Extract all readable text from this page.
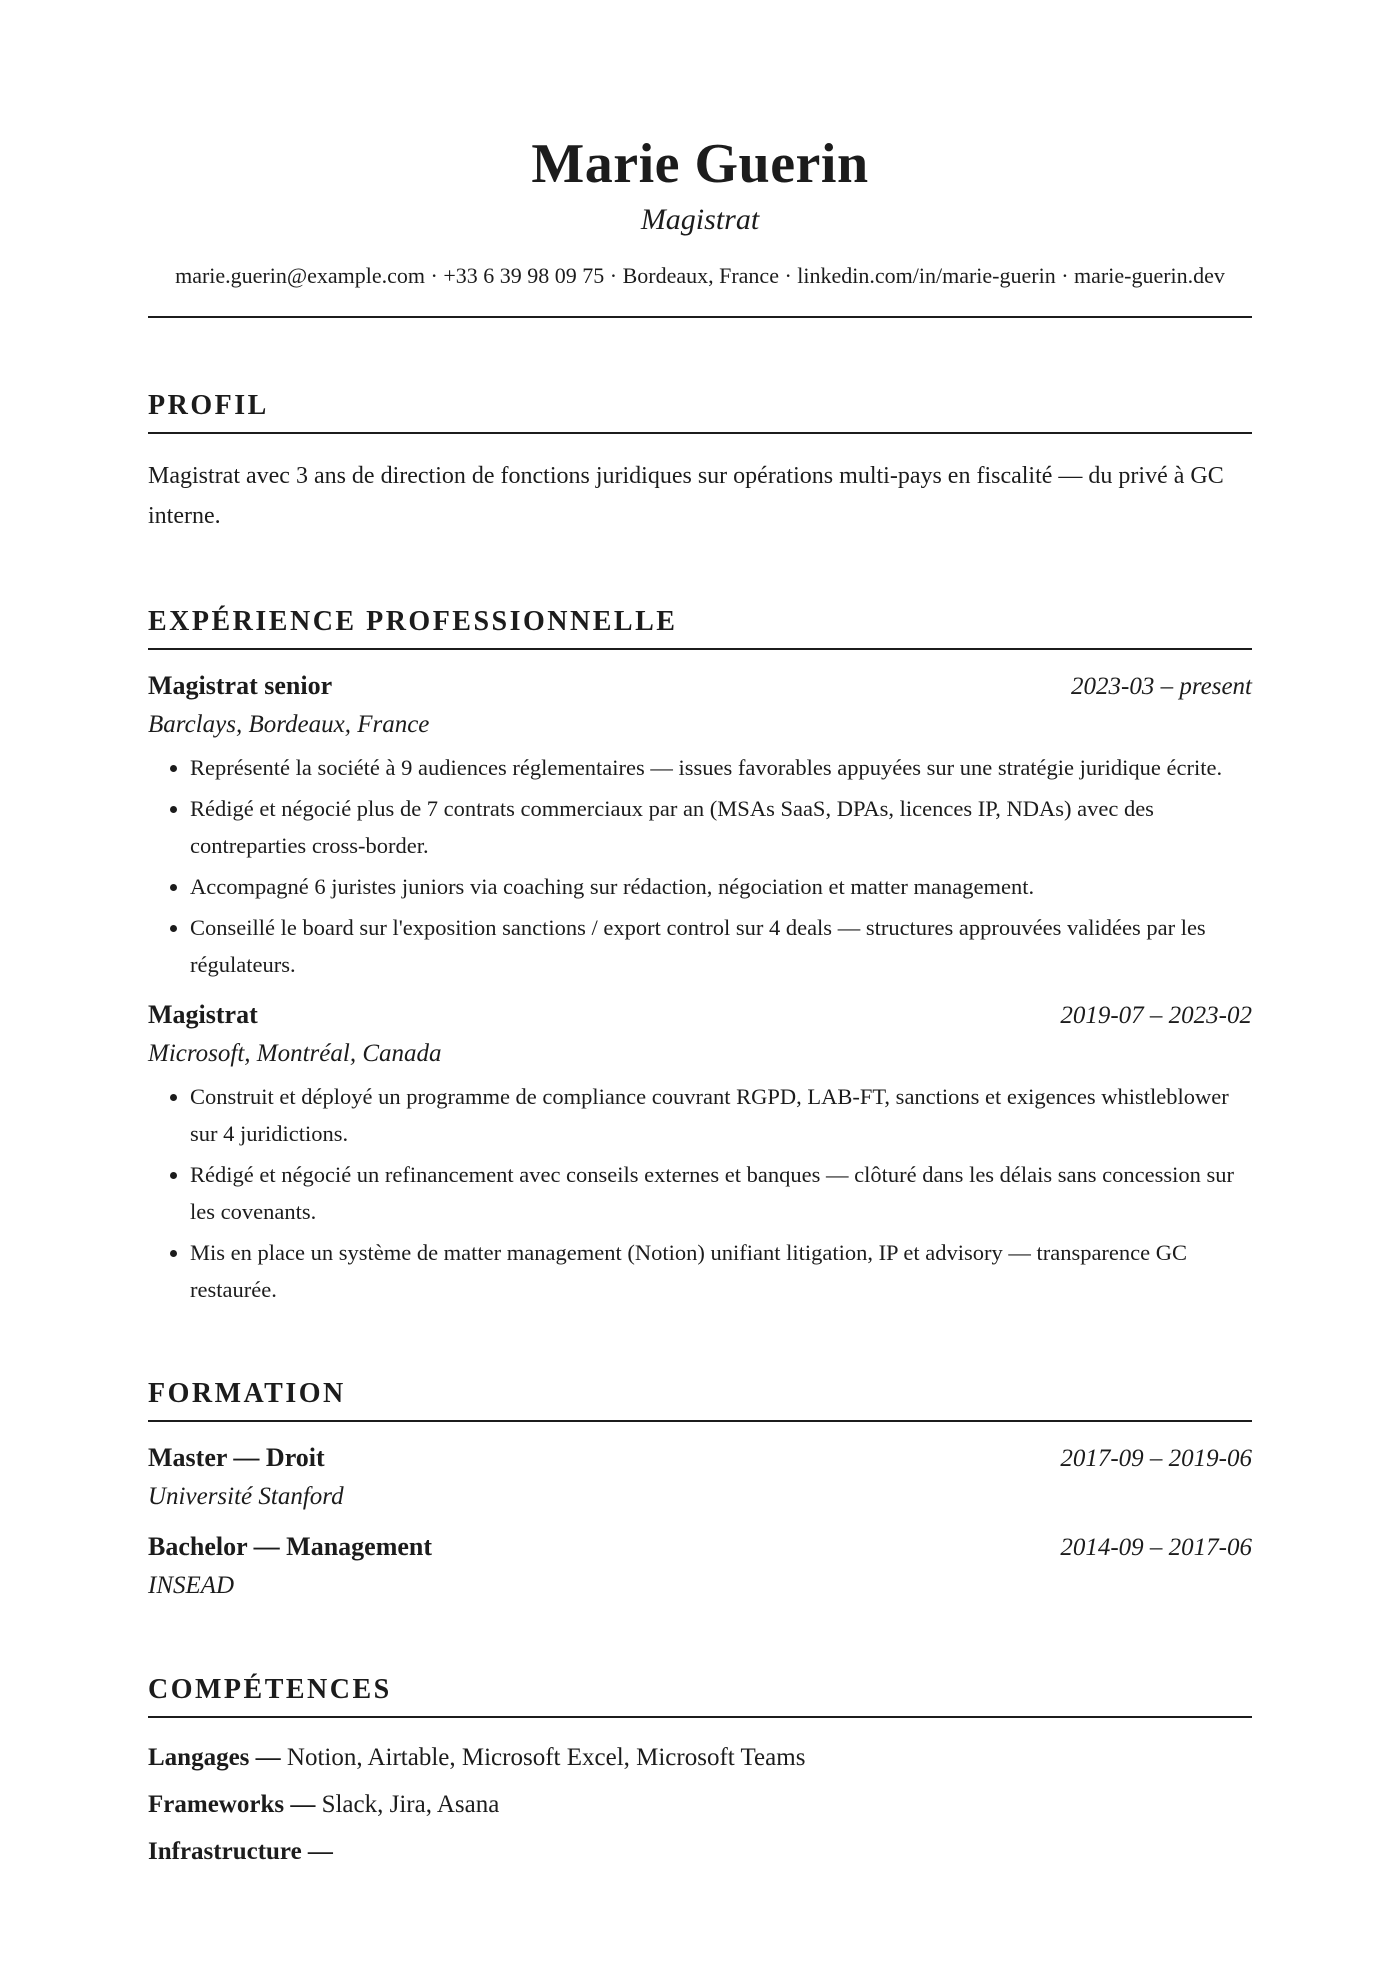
Marie Guerin
Magistrat
marie.guerin@example.com · +33 6 39 98 09 75 · Bordeaux, France · linkedin.com/in/marie-guerin · marie-guerin.dev
PROFIL

Magistrat avec 3 ans de direction de fonctions juridiques sur opérations multi-pays en fiscalité — du privé à GC interne.

EXPÉRIENCE PROFESSIONNELLE
Magistrat senior	2023-03 – present
Barclays, Bordeaux, France
• Représenté la société à 9 audiences réglementaires — issues favorables appuyées sur une stratégie juridique écrite.
• Rédigé et négocié plus de 7 contrats commerciaux par an (MSAs SaaS, DPAs, licences IP, NDAs) avec des contreparties cross-border.
• Accompagné 6 juristes juniors via coaching sur rédaction, négociation et matter management.
• Conseillé le board sur l'exposition sanctions / export control sur 4 deals — structures approuvées validées par les régulateurs.
Magistrat	2019-07 – 2023-02
Microsoft, Montréal, Canada
• Construit et déployé un programme de compliance couvrant RGPD, LAB-FT, sanctions et exigences whistleblower sur 4 juridictions.
• Rédigé et négocié un refinancement avec conseils externes et banques — clôturé dans les délais sans concession sur les covenants.
• Mis en place un système de matter management (Notion) unifiant litigation, IP et advisory — transparence GC restaurée.
FORMATION
Master — Droit	2017-09 – 2019-06
Université Stanford
Bachelor — Management	2014-09 – 2017-06
INSEAD
COMPÉTENCES
Langages — Notion, Airtable, Microsoft Excel, Microsoft Teams
Frameworks — Slack, Jira, Asana
Infrastructure —
